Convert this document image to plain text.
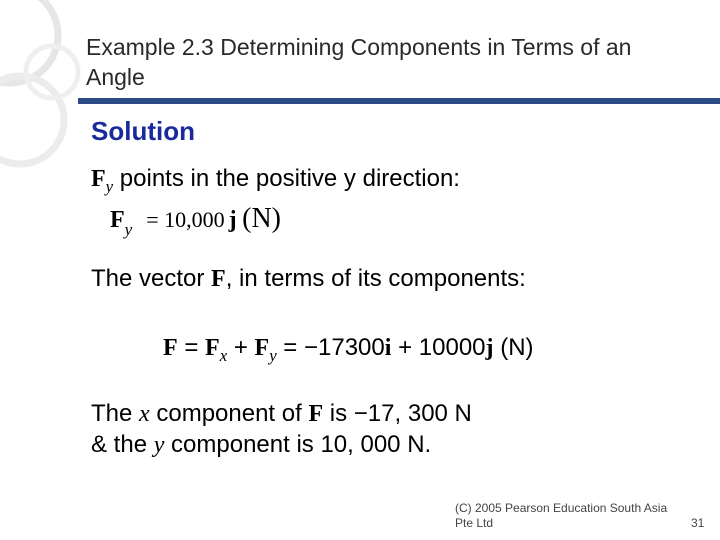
Example 2.3 Determining Components in Terms of an Angle
Solution
$F_y$ points in the positive y direction:
$F_y = 10,000$ j (N)
The vector F, in terms of its components:
$F = F_x + F_y = -17300i + 10000j$ (N)
The x component of F is −17, 300 N
& the y component is 10, 000 N.
(C) 2005 Pearson Education South Asia Pte Ltd	31
